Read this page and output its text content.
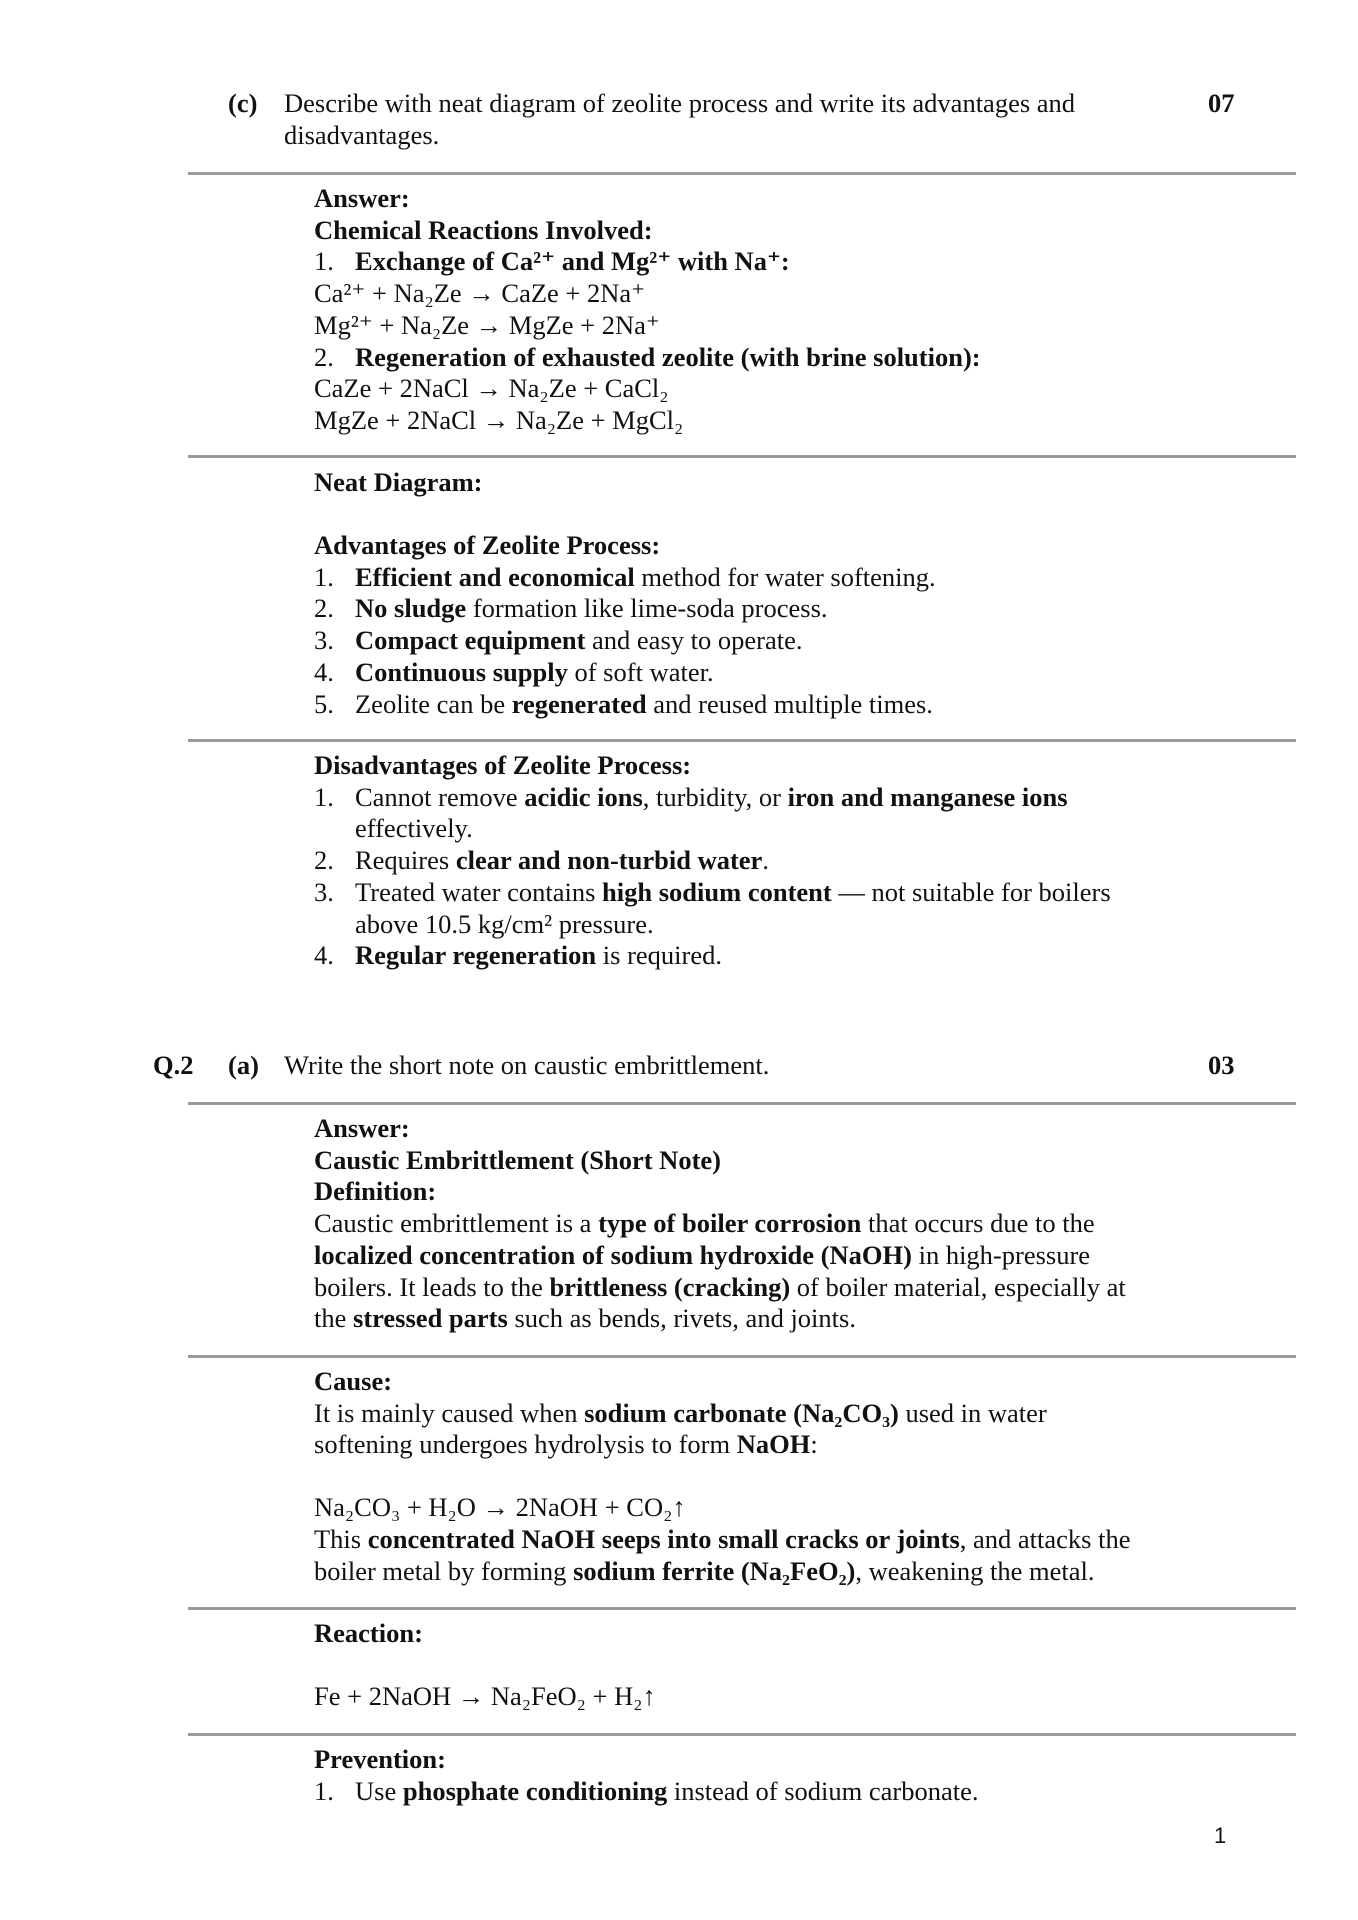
(c) Describe with neat diagram of zeolite process and write its advantages and disadvantages.
07
Answer:
Chemical Reactions Involved:
1. Exchange of Ca²⁺ and Mg²⁺ with Na⁺:
Ca²⁺ + Na₂Ze → CaZe + 2Na⁺
Mg²⁺ + Na₂Ze → MgZe + 2Na⁺
2. Regeneration of exhausted zeolite (with brine solution):
CaZe + 2NaCl → Na₂Ze + CaCl₂
MgZe + 2NaCl → Na₂Ze + MgCl₂
Neat Diagram:
Advantages of Zeolite Process:
1. Efficient and economical method for water softening.
2. No sludge formation like lime-soda process.
3. Compact equipment and easy to operate.
4. Continuous supply of soft water.
5. Zeolite can be regenerated and reused multiple times.
Disadvantages of Zeolite Process:
1. Cannot remove acidic ions, turbidity, or iron and manganese ions
effectively.
2. Requires clear and non-turbid water.
3. Treated water contains high sodium content — not suitable for boilers
above 10.5 kg/cm² pressure.
4. Regular regeneration is required.
Q.2 (a) Write the short note on caustic embrittlement.	03
Answer:
Caustic Embrittlement (Short Note)
Definition:
Caustic embrittlement is a type of boiler corrosion that occurs due to the
localized concentration of sodium hydroxide (NaOH) in high-pressure
boilers. It leads to the brittleness (cracking) of boiler material, especially at
the stressed parts such as bends, rivets, and joints.
Cause:
It is mainly caused when sodium carbonate (Na₂CO₃) used in water
softening undergoes hydrolysis to form NaOH:
Na₂CO₃ + H₂O → 2NaOH + CO₂↑
This concentrated NaOH seeps into small cracks or joints, and attacks the
boiler metal by forming sodium ferrite (Na₂FeO₂), weakening the metal.
Reaction:
Fe + 2NaOH → Na₂FeO₂ + H₂↑
Prevention:
1. Use phosphate conditioning instead of sodium carbonate.
1
